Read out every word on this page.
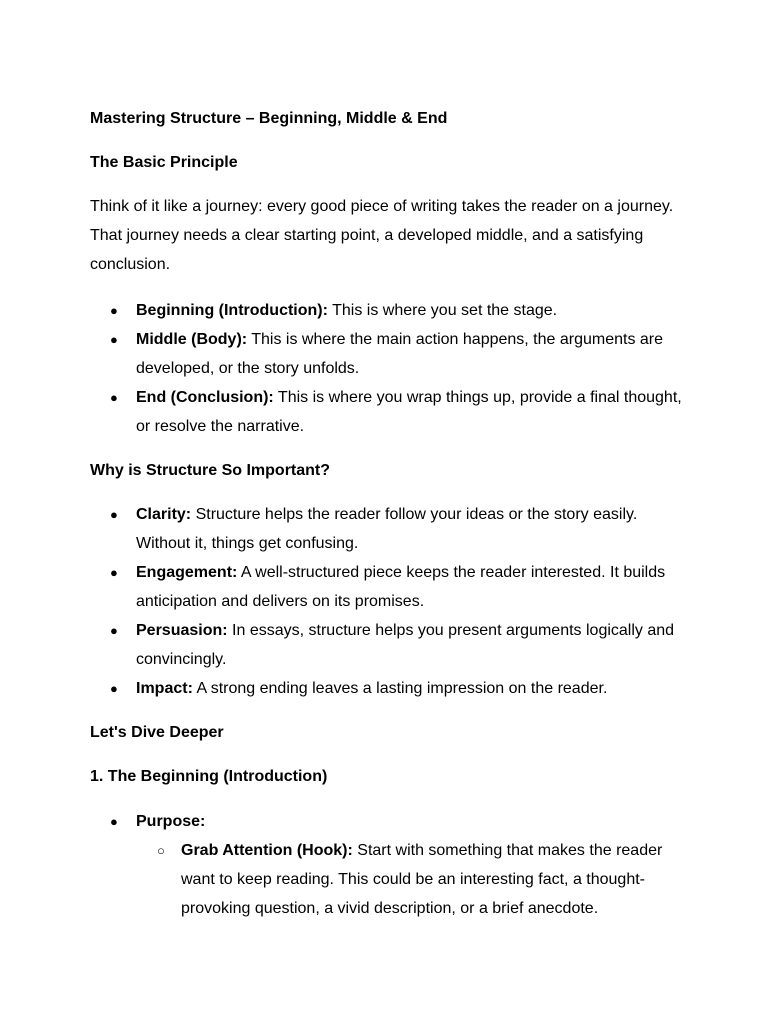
Mastering Structure – Beginning, Middle & End
The Basic Principle
Think of it like a journey: every good piece of writing takes the reader on a journey. That journey needs a clear starting point, a developed middle, and a satisfying conclusion.
● Beginning (Introduction): This is where you set the stage.
● Middle (Body): This is where the main action happens, the arguments are developed, or the story unfolds.
● End (Conclusion): This is where you wrap things up, provide a final thought, or resolve the narrative.
Why is Structure So Important?
● Clarity: Structure helps the reader follow your ideas or the story easily. Without it, things get confusing.
● Engagement: A well-structured piece keeps the reader interested. It builds anticipation and delivers on its promises.
● Persuasion: In essays, structure helps you present arguments logically and convincingly.
● Impact: A strong ending leaves a lasting impression on the reader.
Let's Dive Deeper
1. The Beginning (Introduction)
● Purpose:
○ Grab Attention (Hook): Start with something that makes the reader want to keep reading. This could be an interesting fact, a thought-provoking question, a vivid description, or a brief anecdote.
